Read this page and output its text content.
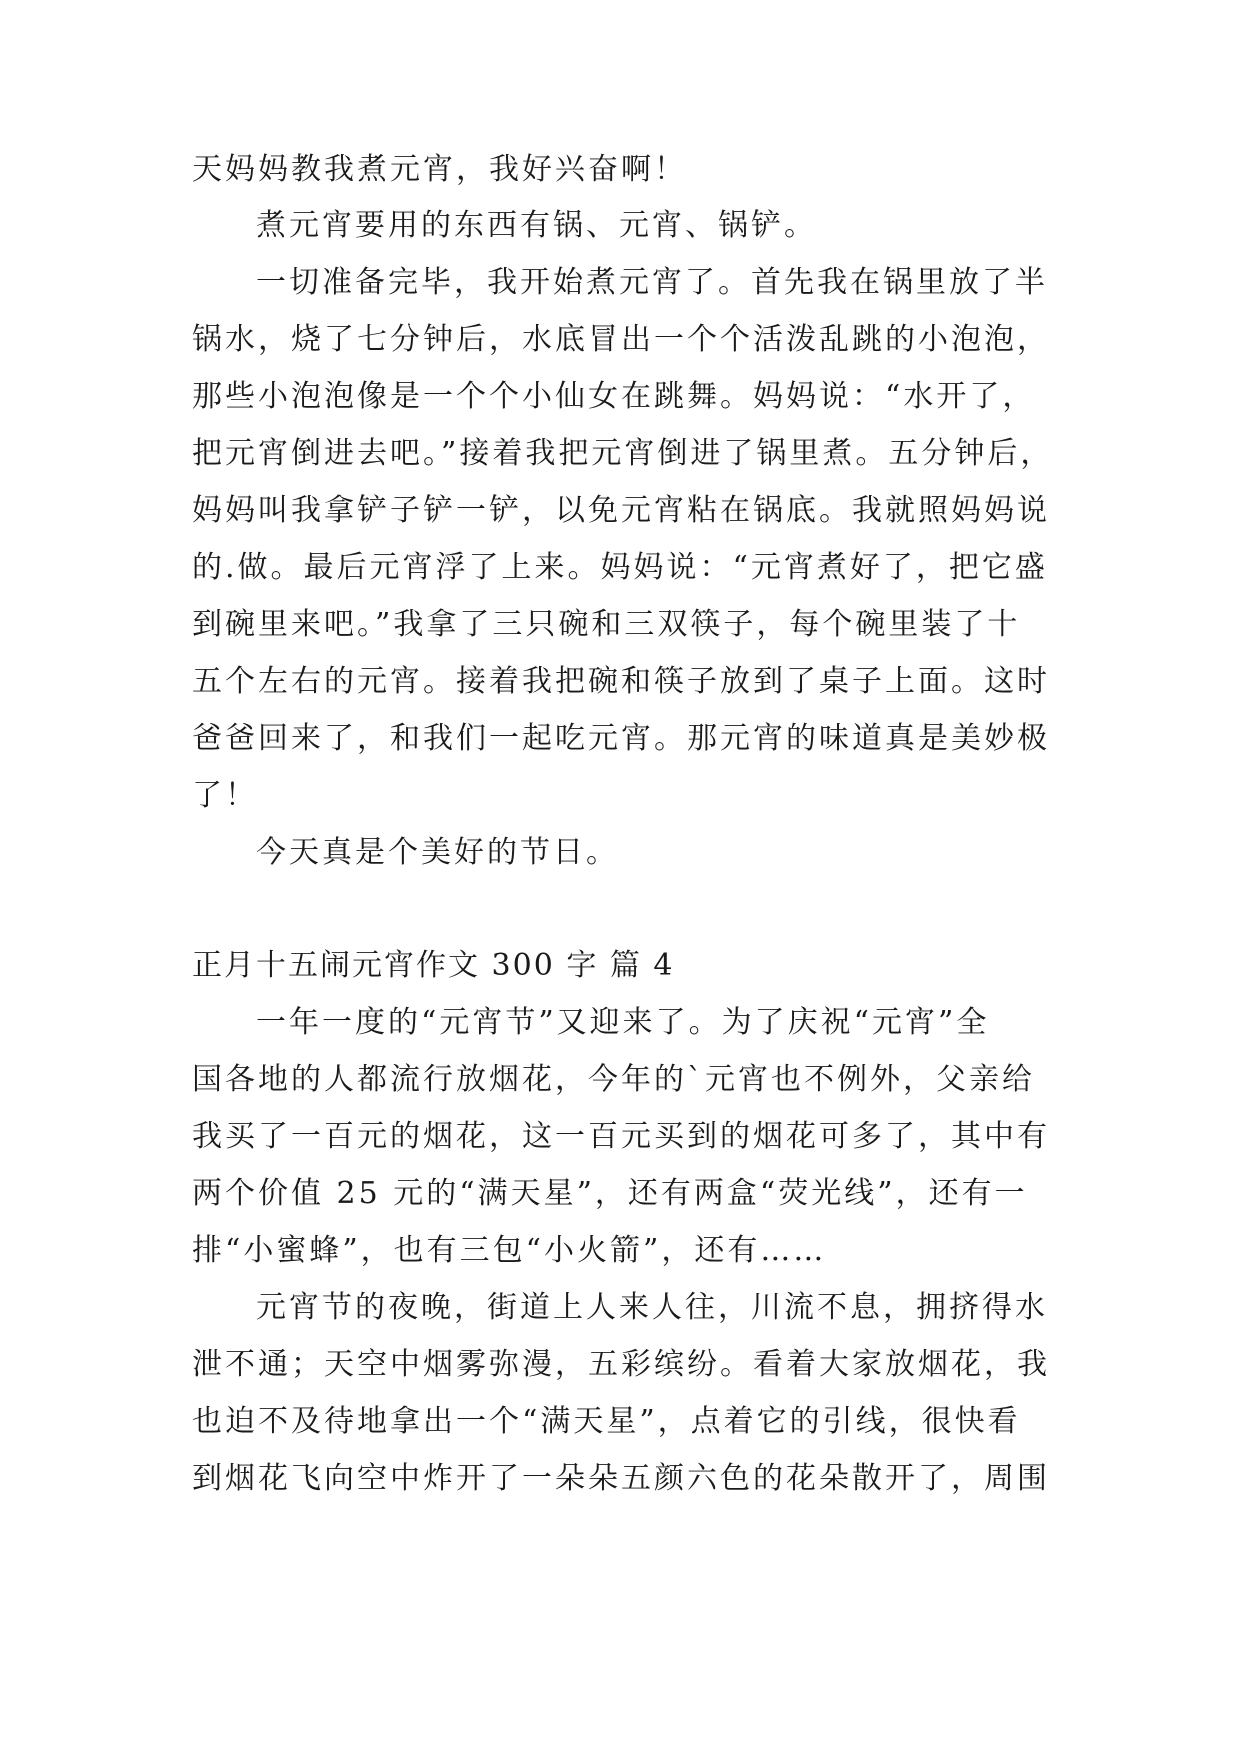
天妈妈教我煮元宵，我好兴奋啊！
煮元宵要用的东西有锅、元宵、锅铲。
一切准备完毕，我开始煮元宵了。首先我在锅里放了半
锅水，烧了七分钟后，水底冒出一个个活泼乱跳的小泡泡，
那些小泡泡像是一个个小仙女在跳舞。妈妈说：“水开了，
把元宵倒进去吧。”接着我把元宵倒进了锅里煮。五分钟后，
妈妈叫我拿铲子铲一铲，以免元宵粘在锅底。我就照妈妈说
的.做。最后元宵浮了上来。妈妈说：“元宵煮好了，把它盛
到碗里来吧。”我拿了三只碗和三双筷子，每个碗里装了十
五个左右的元宵。接着我把碗和筷子放到了桌子上面。这时
爸爸回来了，和我们一起吃元宵。那元宵的味道真是美妙极
了！
今天真是个美好的节日。
正月十五闹元宵作文 300 字 篇 4
一年一度的“元宵节”又迎来了。为了庆祝“元宵”全
国各地的人都流行放烟花，今年的`元宵也不例外，父亲给
我买了一百元的烟花，这一百元买到的烟花可多了，其中有
两个价值 25 元的“满天星”，还有两盒“荧光线”，还有一
排“小蜜蜂”，也有三包“小火箭”，还有……
元宵节的夜晚，街道上人来人往，川流不息，拥挤得水
泄不通；天空中烟雾弥漫，五彩缤纷。看着大家放烟花，我
也迫不及待地拿出一个“满天星”，点着它的引线，很快看
到烟花飞向空中炸开了一朵朵五颜六色的花朵散开了，周围
